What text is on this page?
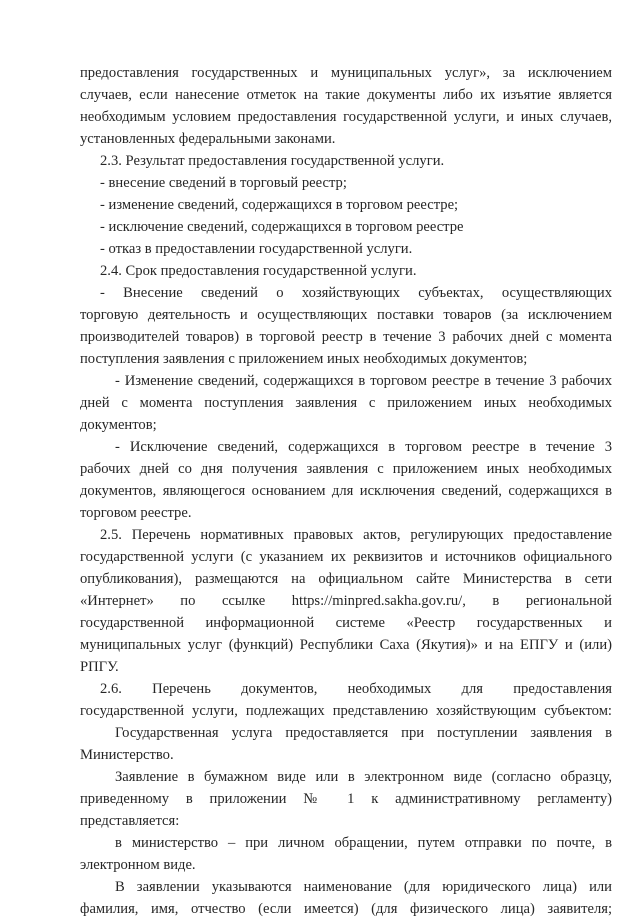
предоставления государственных и муниципальных услуг», за исключением
случаев, если нанесение отметок на такие документы либо их изъятие является
необходимым условием предоставления государственной услуги, и иных случаев,
установленных федеральными законами.
2.3. Результат предоставления государственной услуги.
- внесение сведений в торговый реестр;
- изменение сведений, содержащихся в торговом реестре;
- исключение сведений, содержащихся в торговом реестре
- отказ в предоставлении государственной услуги.
2.4. Срок предоставления государственной услуги.
- Внесение сведений о хозяйствующих субъектах, осуществляющих
торговую деятельность и осуществляющих поставки товаров (за исключением
производителей товаров) в торговой реестр в течение 3 рабочих дней с момента
поступления заявления с приложением иных необходимых документов;
- Изменение сведений, содержащихся в торговом реестре в течение 3 рабочих
дней с момента поступления заявления с приложением иных необходимых
документов;
- Исключение сведений, содержащихся в торговом реестре в течение 3
рабочих дней со дня получения заявления с приложением иных необходимых
документов, являющегося основанием для исключения сведений, содержащихся в
торговом реестре.
2.5. Перечень нормативных правовых актов, регулирующих предоставление
государственной услуги (с указанием их реквизитов и источников официального
опубликования), размещаются на официальном сайте Министерства в сети
«Интернет» по ссылке https://minpred.sakha.gov.ru/, в региональной
государственной информационной системе «Реестр государственных и
муниципальных услуг (функций) Республики Саха (Якутия)» и на ЕПГУ и (или)
РПГУ.
2.6. Перечень документов, необходимых для предоставления
государственной услуги, подлежащих представлению хозяйствующим субъектом:
Государственная услуга предоставляется при поступлении заявления в
Министерство.
Заявление в бумажном виде или в электронном виде (согласно образцу,
приведенному в приложении № 1 к административному регламенту)
представляется:
в министерство – при личном обращении, путем отправки по почте, в
электронном виде.
В заявлении указываются наименование (для юридического лица) или
фамилия, имя, отчество (если имеется) (для физического лица) заявителя;
